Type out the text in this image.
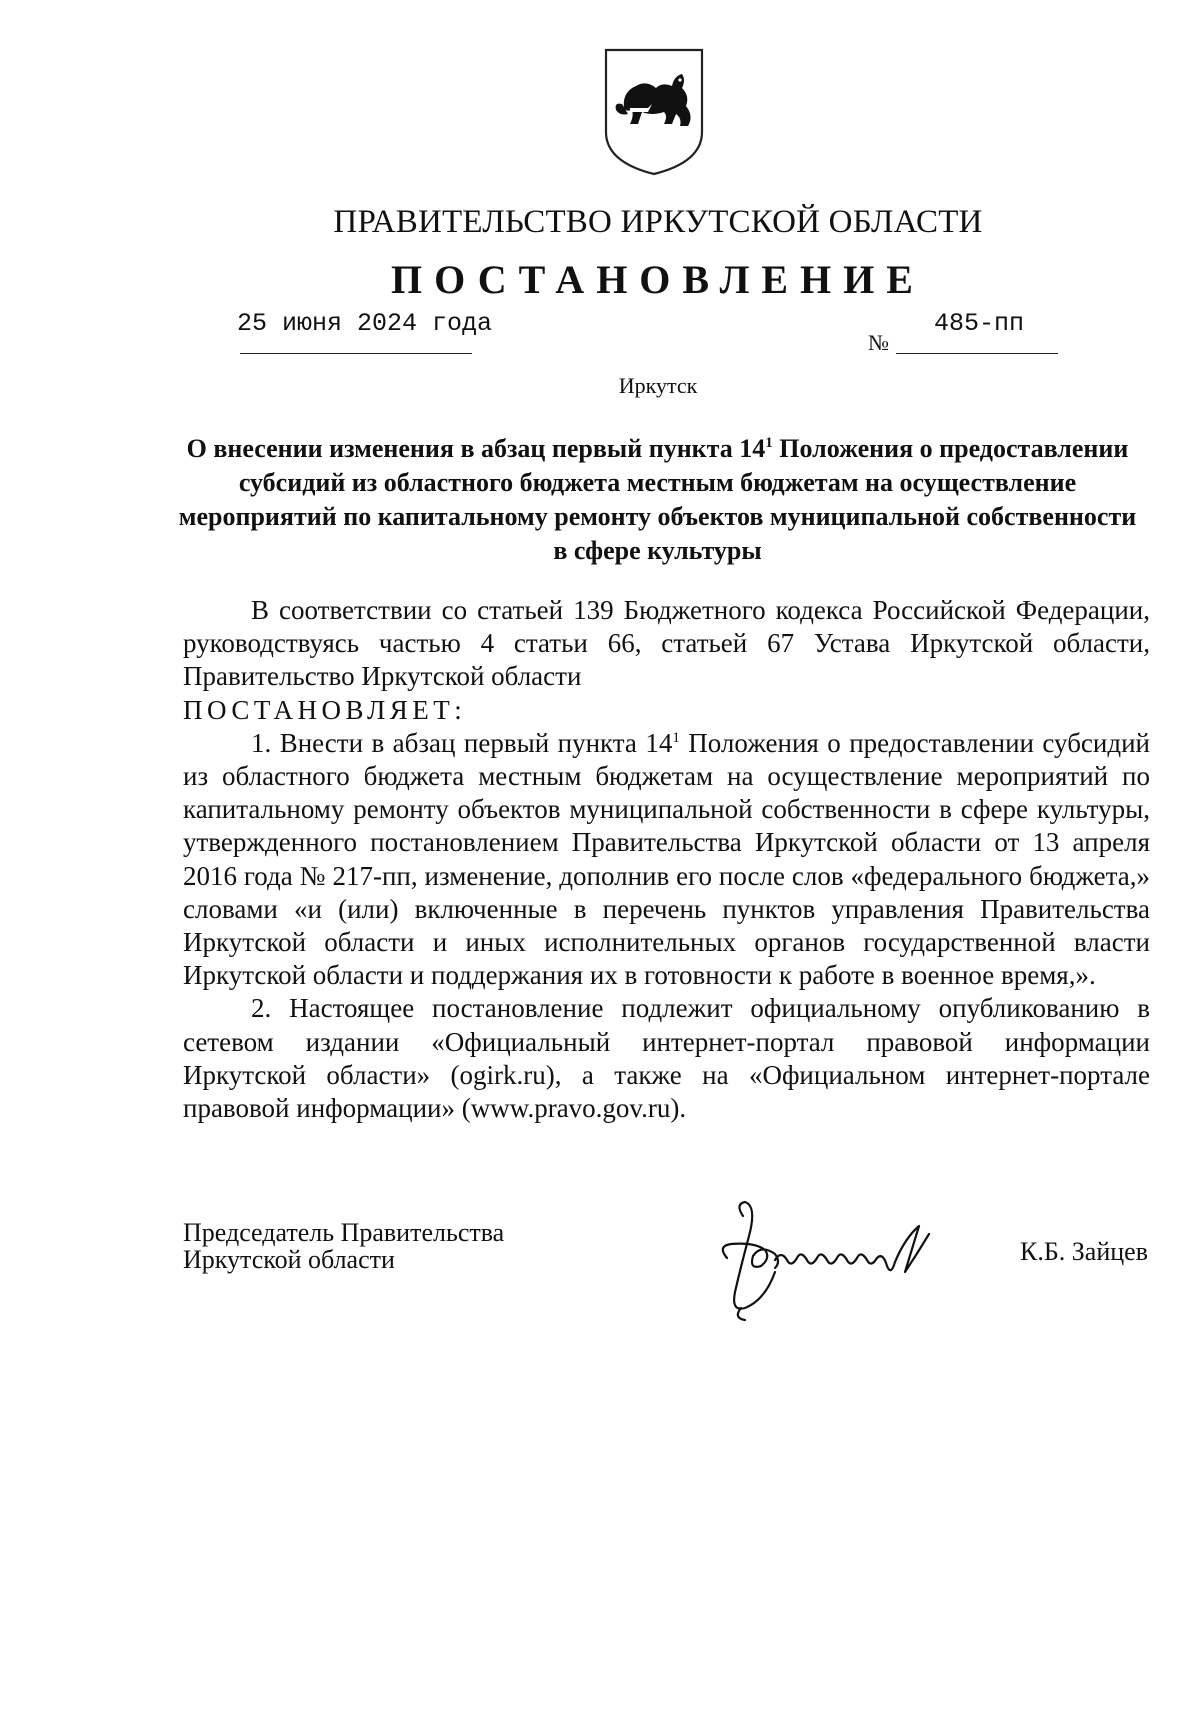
ПРАВИТЕЛЬСТВО ИРКУТСКОЙ ОБЛАСТИ
ПОСТАНОВЛЕНИЕ
25 июня 2024 года
№
485-пп
Иркутск
О внесении изменения в абзац первый пункта $14^1$ Положения о предоставлении субсидий из областного бюджета местным бюджетам на осуществление мероприятий по капитальному ремонту объектов муниципальной собственности в сфере культуры

В соответствии со статьей 139 Бюджетного кодекса Российской Федерации, руководствуясь частью 4 статьи 66, статьей 67 Устава Иркутской области, Правительство Иркутской области

ПОСТАНОВЛЯЕТ:

1. Внести в абзац первый пункта $14^1$ Положения о предоставлении субсидий из областного бюджета местным бюджетам на осуществление мероприятий по капитальному ремонту объектов муниципальной собственности в сфере культуры, утвержденного постановлением Правительства Иркутской области от 13 апреля 2016 года № 217-пп, изменение, дополнив его после слов «федерального бюджета,» словами «и (или) включенные в перечень пунктов управления Правительства Иркутской области и иных исполнительных органов государственной власти Иркутской области и поддержания их в готовности к работе в военное время,».

2. Настоящее постановление подлежит официальному опубликованию в сетевом издании «Официальный интернет-портал правовой информации Иркутской области» (ogirk.ru), а также на «Официальном интернет-портале правовой информации» (www.pravo.gov.ru).

Председатель Правительства
Иркутской области	К.Б. Зайцев
